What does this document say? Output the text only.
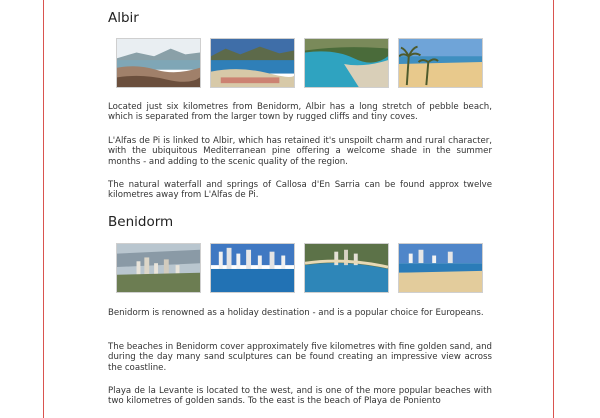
Albir

Located just six kilometres from Benidorm, Albir has a long stretch of pebble beach, which is separated from the larger town by rugged cliffs and tiny coves.

L'Alfas de Pi is linked to Albir, which has retained it's unspoilt charm and rural character, with the ubiquitous Mediterranean pine offering a welcome shade in the summer months - and adding to the scenic quality of the region.

The natural waterfall and springs of Callosa d'En Sarria can be found approx twelve kilometres away from L'Alfas de Pi.

Benidorm

Benidorm is renowned as a holiday destination - and is a popular choice for Europeans.

The beaches in Benidorm cover approximately five kilometres with fine golden sand, and during the day many sand sculptures can be found creating an impressive view across the coastline.

Playa de la Levante is located to the west, and is one of the more popular beaches with two kilometres of golden sands. To the east is the beach of Playa de Poniento
